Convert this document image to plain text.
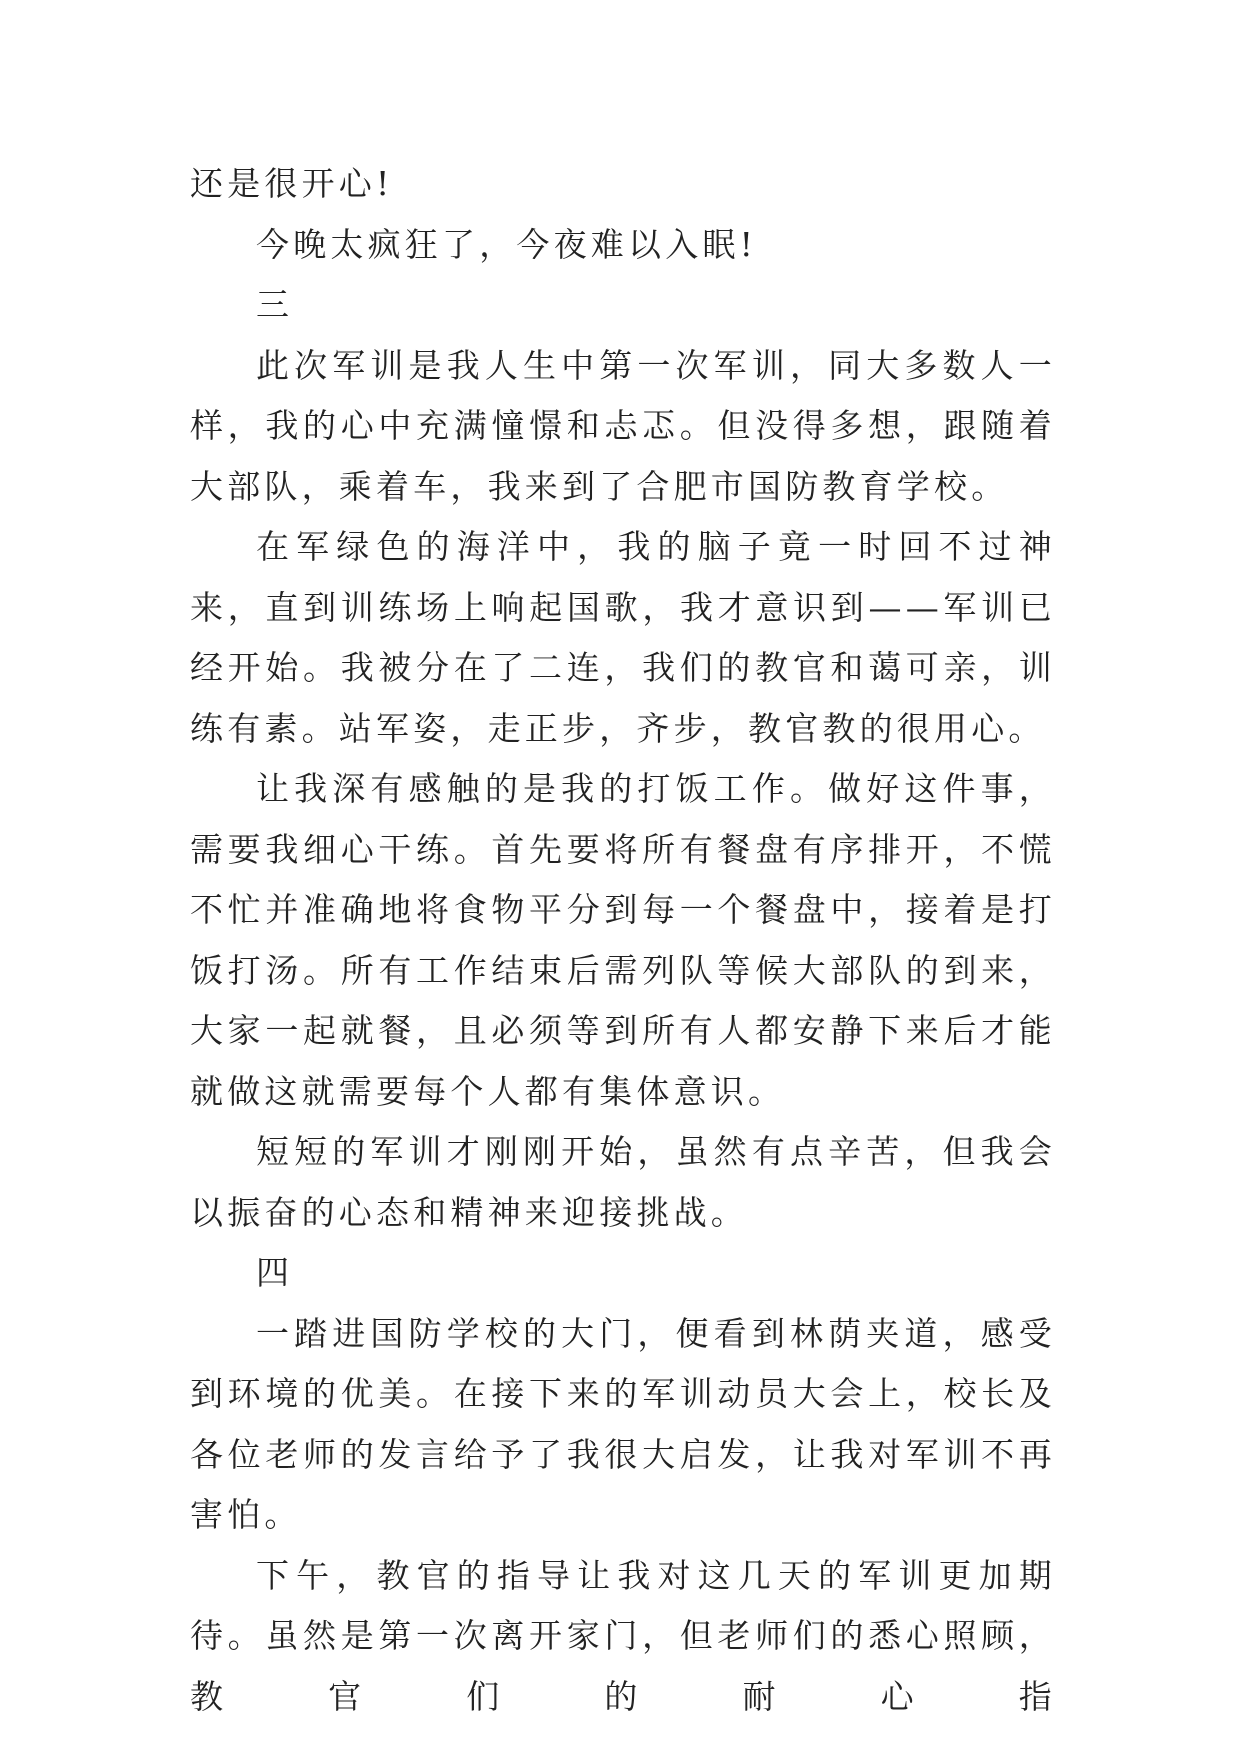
还是很开心!

今晚太疯狂了，今夜难以入眠!

三

此次军训是我人生中第一次军训，同大多数人一样，我的心中充满憧憬和忐忑。但没得多想，跟随着大部队，乘着车，我来到了合肥市国防教育学校。

在军绿色的海洋中，我的脑子竟一时回不过神来，直到训练场上响起国歌，我才意识到——军训已经开始。我被分在了二连，我们的教官和蔼可亲，训练有素。站军姿，走正步，齐步，教官教的很用心。

让我深有感触的是我的打饭工作。做好这件事，需要我细心干练。首先要将所有餐盘有序排开，不慌不忙并准确地将食物平分到每一个餐盘中，接着是打饭打汤。所有工作结束后需列队等候大部队的到来，大家一起就餐，且必须等到所有人都安静下来后才能就做这就需要每个人都有集体意识。

短短的军训才刚刚开始，虽然有点辛苦，但我会以振奋的心态和精神来迎接挑战。

四

一踏进国防学校的大门，便看到林荫夹道，感受到环境的优美。在接下来的军训动员大会上，校长及各位老师的发言给予了我很大启发，让我对军训不再害怕。

下午，教官的指导让我对这几天的军训更加期待。虽然是第一次离开家门，但老师们的悉心照顾，教官们的耐心指
